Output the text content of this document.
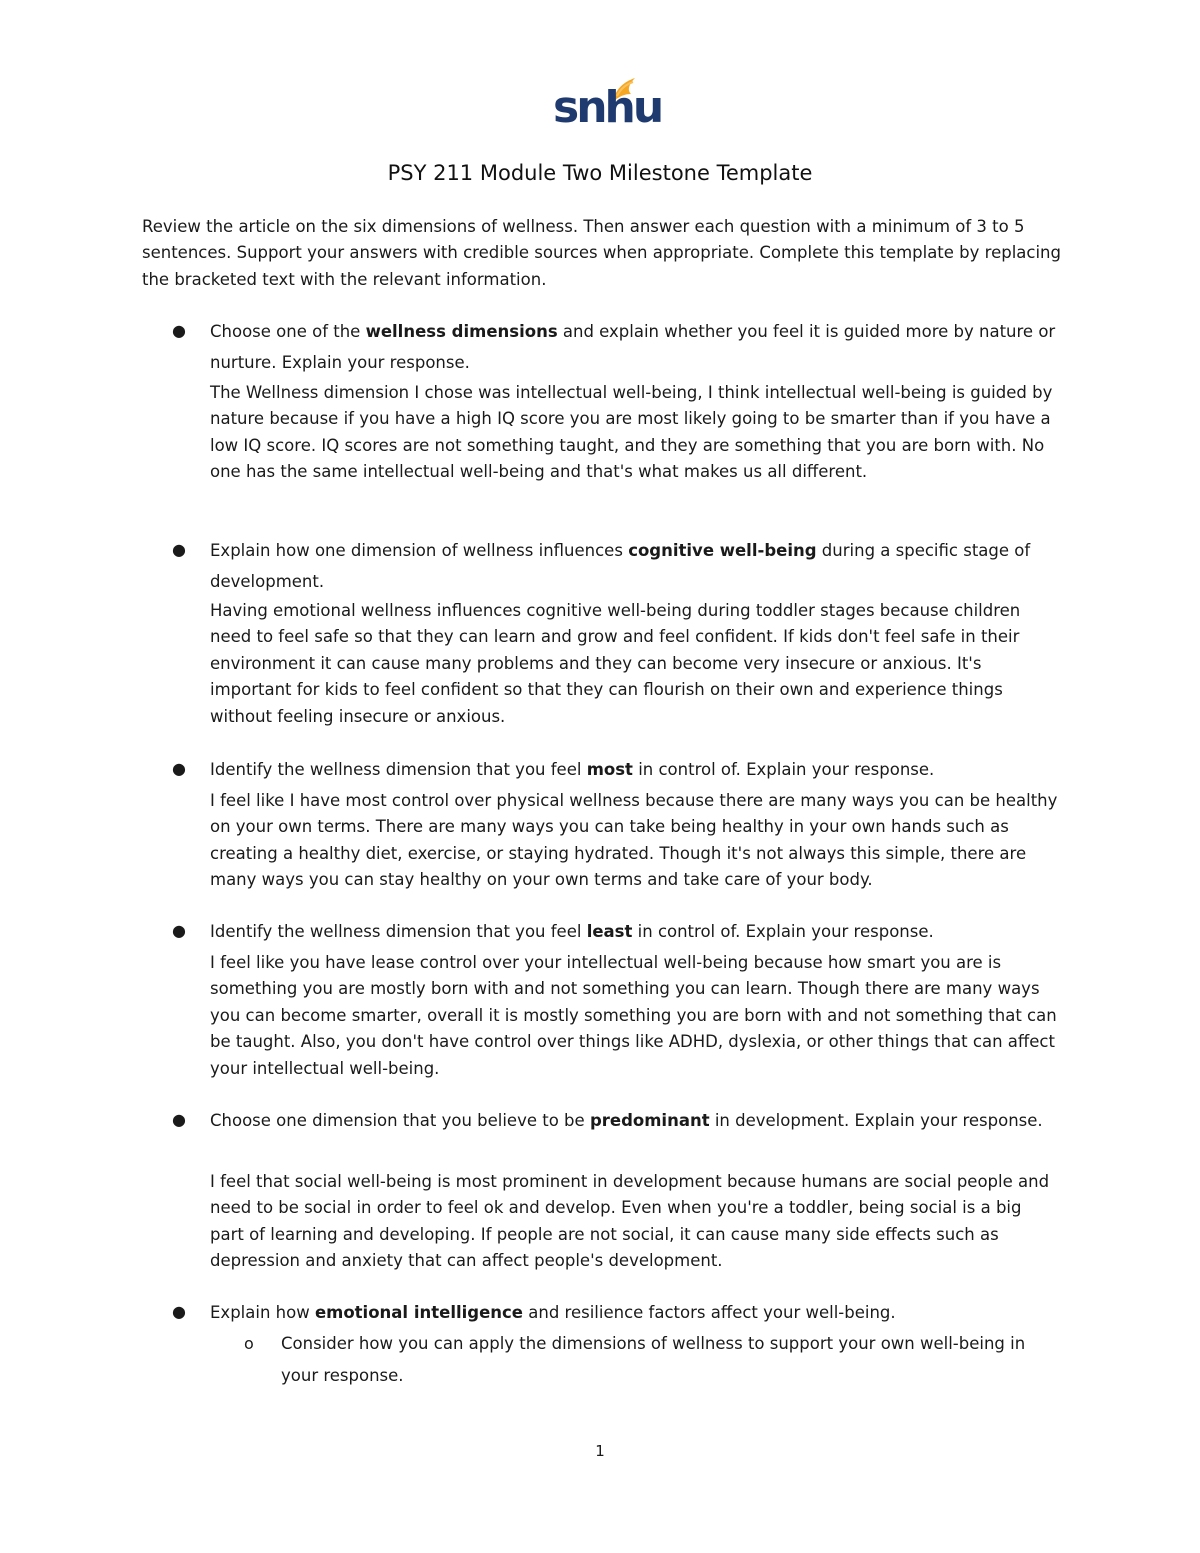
snhu
PSY 211 Module Two Milestone Template
Review the article on the six dimensions of wellness. Then answer each question with a minimum of 3 to 5 sentences. Support your answers with credible sources when appropriate. Complete this template by replacing the bracketed text with the relevant information.
● Choose one of the wellness dimensions and explain whether you feel it is guided more by nature or nurture. Explain your response.
The Wellness dimension I chose was intellectual well-being, I think intellectual well-being is guided by nature because if you have a high IQ score you are most likely going to be smarter than if you have a low IQ score. IQ scores are not something taught, and they are something that you are born with. No one has the same intellectual well-being and that's what makes us all different.
● Explain how one dimension of wellness influences cognitive well-being during a specific stage of development.
Having emotional wellness influences cognitive well-being during toddler stages because children need to feel safe so that they can learn and grow and feel confident. If kids don't feel safe in their environment it can cause many problems and they can become very insecure or anxious. It's important for kids to feel confident so that they can flourish on their own and experience things without feeling insecure or anxious.
● Identify the wellness dimension that you feel most in control of. Explain your response.
I feel like I have most control over physical wellness because there are many ways you can be healthy on your own terms. There are many ways you can take being healthy in your own hands such as creating a healthy diet, exercise, or staying hydrated. Though it's not always this simple, there are many ways you can stay healthy on your own terms and take care of your body.
● Identify the wellness dimension that you feel least in control of. Explain your response.
I feel like you have lease control over your intellectual well-being because how smart you are is something you are mostly born with and not something you can learn. Though there are many ways you can become smarter, overall it is mostly something you are born with and not something that can be taught. Also, you don't have control over things like ADHD, dyslexia, or other things that can affect your intellectual well-being.
● Choose one dimension that you believe to be predominant in development. Explain your response.
I feel that social well-being is most prominent in development because humans are social people and need to be social in order to feel ok and develop. Even when you're a toddler, being social is a big part of learning and developing. If people are not social, it can cause many side effects such as depression and anxiety that can affect people's development.
● Explain how emotional intelligence and resilience factors affect your well-being.
o Consider how you can apply the dimensions of wellness to support your own well-being in your response.
1
